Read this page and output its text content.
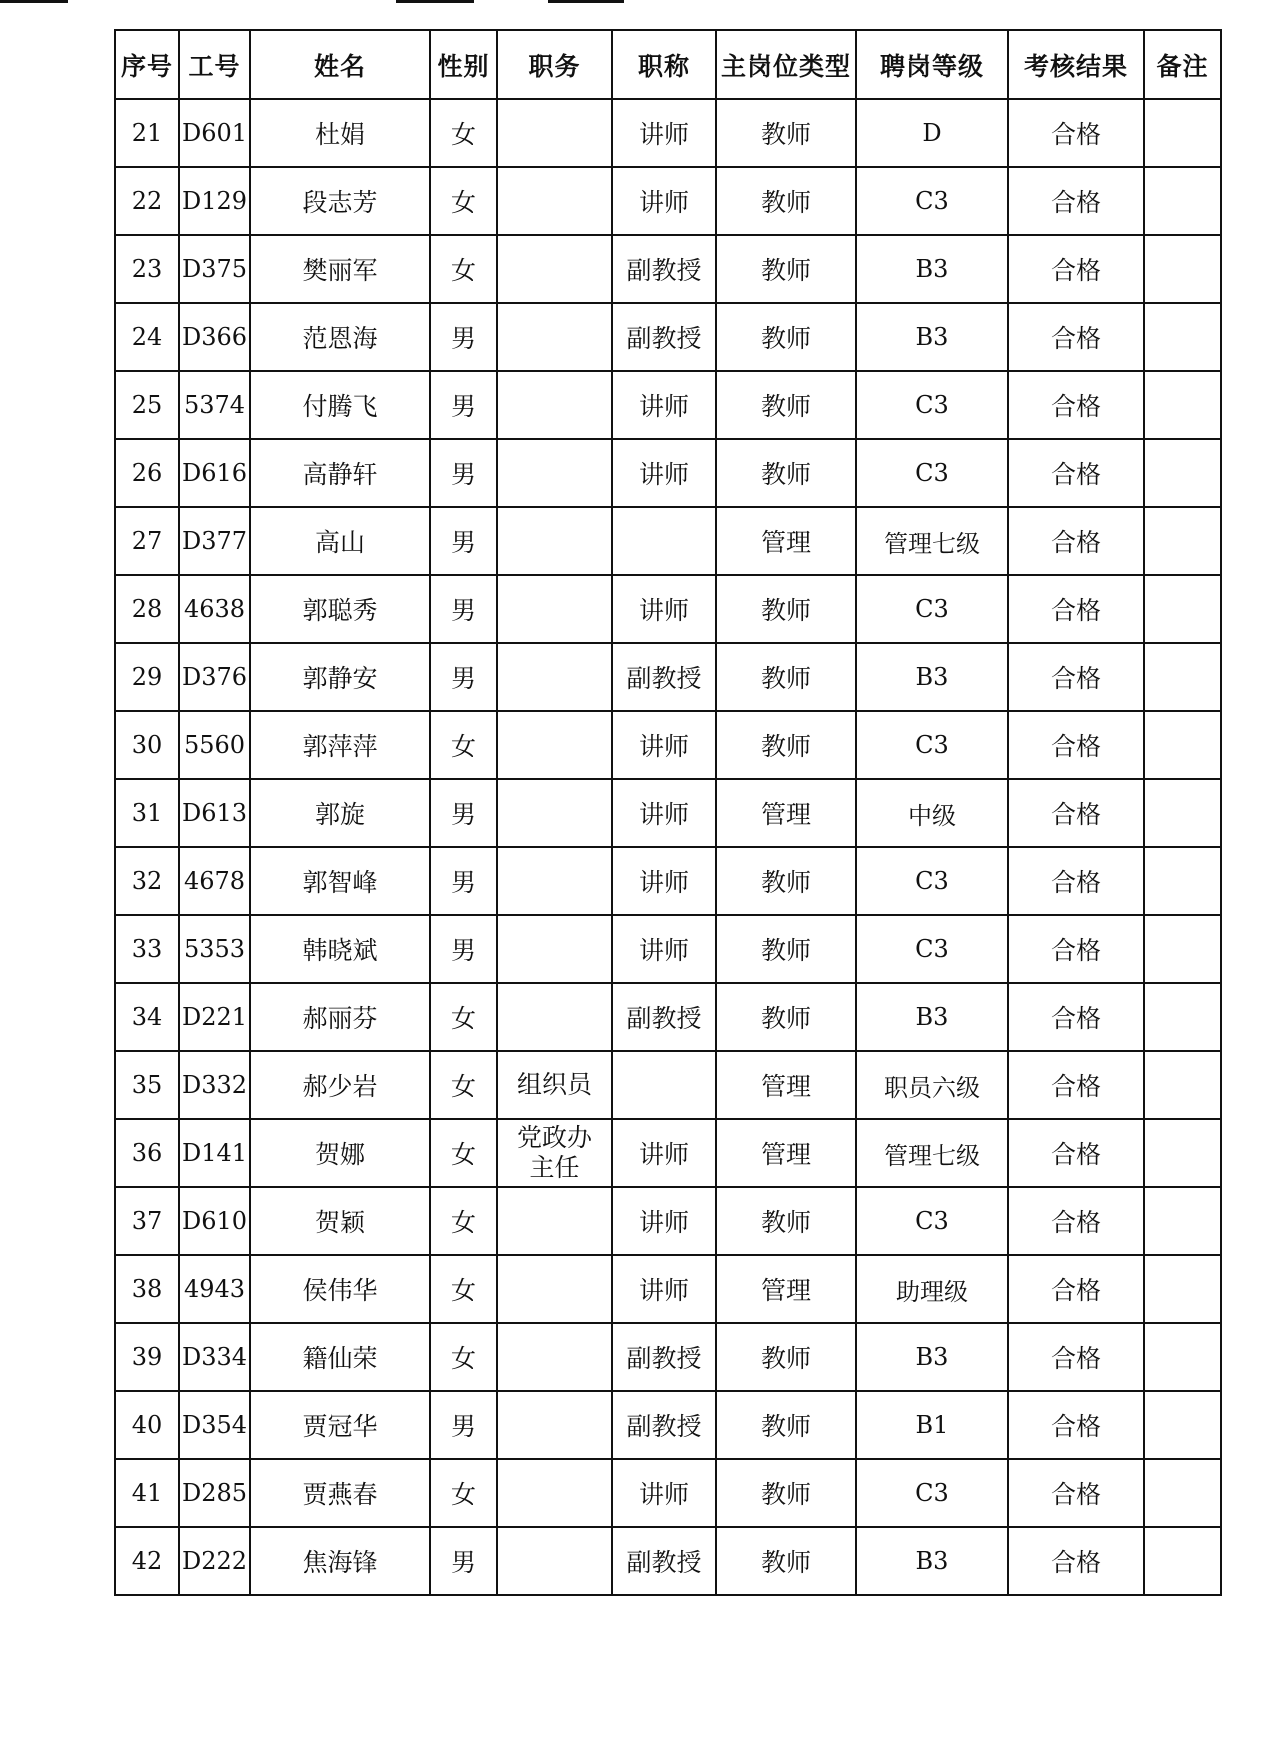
序号	工号	姓名	性别	职务	职称	主岗位类型	聘岗等级	考核结果	备注
21	D601	杜娟	女		讲师	教师	D	合格	
22	D129	段志芳	女		讲师	教师	C3	合格	
23	D375	樊丽军	女		副教授	教师	B3	合格	
24	D366	范恩海	男		副教授	教师	B3	合格	
25	5374	付腾飞	男		讲师	教师	C3	合格	
26	D616	高静轩	男		讲师	教师	C3	合格	
27	D377	高山	男			管理	管理七级	合格	
28	4638	郭聪秀	男		讲师	教师	C3	合格	
29	D376	郭静安	男		副教授	教师	B3	合格	
30	5560	郭萍萍	女		讲师	教师	C3	合格	
31	D613	郭旋	男		讲师	管理	中级	合格	
32	4678	郭智峰	男		讲师	教师	C3	合格	
33	5353	韩晓斌	男		讲师	教师	C3	合格	
34	D221	郝丽芬	女		副教授	教师	B3	合格	
35	D332	郝少岩	女	组织员		管理	职员六级	合格	
36	D141	贺娜	女	党政办
主任	讲师	管理	管理七级	合格	
37	D610	贺颖	女		讲师	教师	C3	合格	
38	4943	侯伟华	女		讲师	管理	助理级	合格	
39	D334	籍仙荣	女		副教授	教师	B3	合格	
40	D354	贾冠华	男		副教授	教师	B1	合格	
41	D285	贾燕春	女		讲师	教师	C3	合格	
42	D222	焦海锋	男		副教授	教师	B3	合格	
